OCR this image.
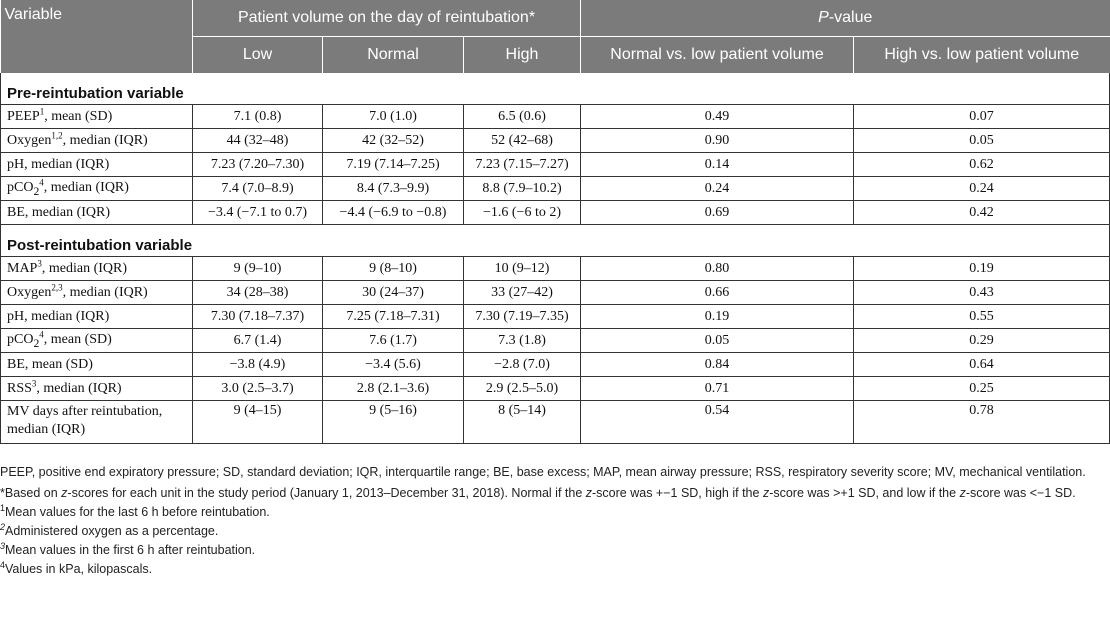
Variable	Patient volume on the day of reintubation*			P-value	
	Low	Normal	High	Normal vs. low patient volume	High vs. low patient volume
Pre-reintubation variable					
PEEP$^1$, mean (SD)	7.1 (0.8)	7.0 (1.0)	6.5 (0.6)	0.49	0.07
Oxygen$^{1,2}$, median (IQR)	44 (32–48)	42 (32–52)	52 (42–68)	0.90	0.05
pH, median (IQR)	7.23 (7.20–7.30)	7.19 (7.14–7.25)	7.23 (7.15–7.27)	0.14	0.62
pCO$_2^4$, median (IQR)	7.4 (7.0–8.9)	8.4 (7.3–9.9)	8.8 (7.9–10.2)	0.24	0.24
BE, median (IQR)	−3.4 (−7.1 to 0.7)	−4.4 (−6.9 to −0.8)	−1.6 (−6 to 2)	0.69	0.42
Post-reintubation variable					
MAP$^3$, median (IQR)	9 (9–10)	9 (8–10)	10 (9–12)	0.80	0.19
Oxygen$^{2,3}$, median (IQR)	34 (28–38)	30 (24–37)	33 (27–42)	0.66	0.43
pH, median (IQR)	7.30 (7.18–7.37)	7.25 (7.18–7.31)	7.30 (7.19–7.35)	0.19	0.55
pCO$_2^4$, mean (SD)	6.7 (1.4)	7.6 (1.7)	7.3 (1.8)	0.05	0.29
BE, mean (SD)	−3.8 (4.9)	−3.4 (5.6)	−2.8 (7.0)	0.84	0.64
RSS$^3$, median (IQR)	3.0 (2.5–3.7)	2.8 (2.1–3.6)	2.9 (2.5–5.0)	0.71	0.25
MV days after reintubation, median (IQR)	9 (4–15)	9 (5–16)	8 (5–14)	0.54	0.78

PEEP, positive end expiratory pressure; SD, standard deviation; IQR, interquartile range; BE, base excess; MAP, mean airway pressure; RSS, respiratory severity score; MV, mechanical ventilation.

*Based on z-scores for each unit in the study period (January 1, 2013–December 31, 2018). Normal if the z-score was +−1 SD, high if the z-score was >+1 SD, and low if the z-score was <−1 SD.

$^1$Mean values for the last 6 h before reintubation.

$^2$Administered oxygen as a percentage.

$^3$Mean values in the first 6 h after reintubation.

$^4$Values in kPa, kilopascals.
